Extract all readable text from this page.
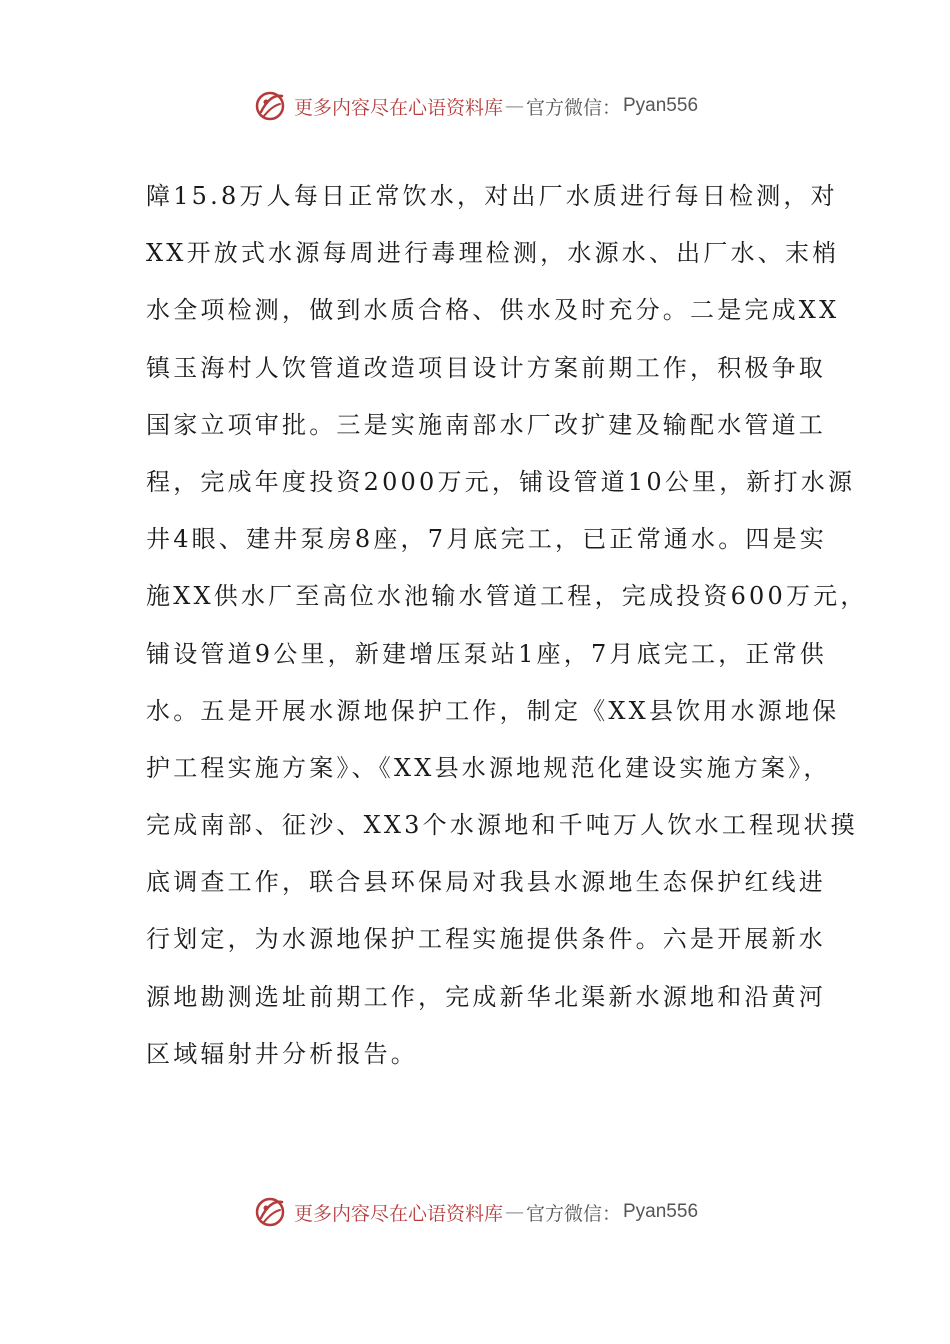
更多内容尽在心语资料库 — 官方微信： Pyan556
障15.8万人每日正常饮水，对出厂水质进行每日检测，对
XX开放式水源每周进行毒理检测，水源水、出厂水、末梢
水全项检测，做到水质合格、供水及时充分。二是完成XX
镇玉海村人饮管道改造项目设计方案前期工作，积极争取
国家立项审批。三是实施南部水厂改扩建及输配水管道工
程，完成年度投资2000万元，铺设管道10公里，新打水源
井4眼、建井泵房8座，7月底完工，已正常通水。四是实
施XX供水厂至高位水池输水管道工程，完成投资600万元，
铺设管道9公里，新建增压泵站1座，7月底完工，正常供
水。五是开展水源地保护工作，制定《XX县饮用水源地保
护工程实施方案》、《XX县水源地规范化建设实施方案》，
完成南部、征沙、XX3个水源地和千吨万人饮水工程现状摸
底调查工作，联合县环保局对我县水源地生态保护红线进
行划定，为水源地保护工程实施提供条件。六是开展新水
源地勘测选址前期工作，完成新华北渠新水源地和沿黄河
区域辐射井分析报告。
更多内容尽在心语资料库 — 官方微信： Pyan556
